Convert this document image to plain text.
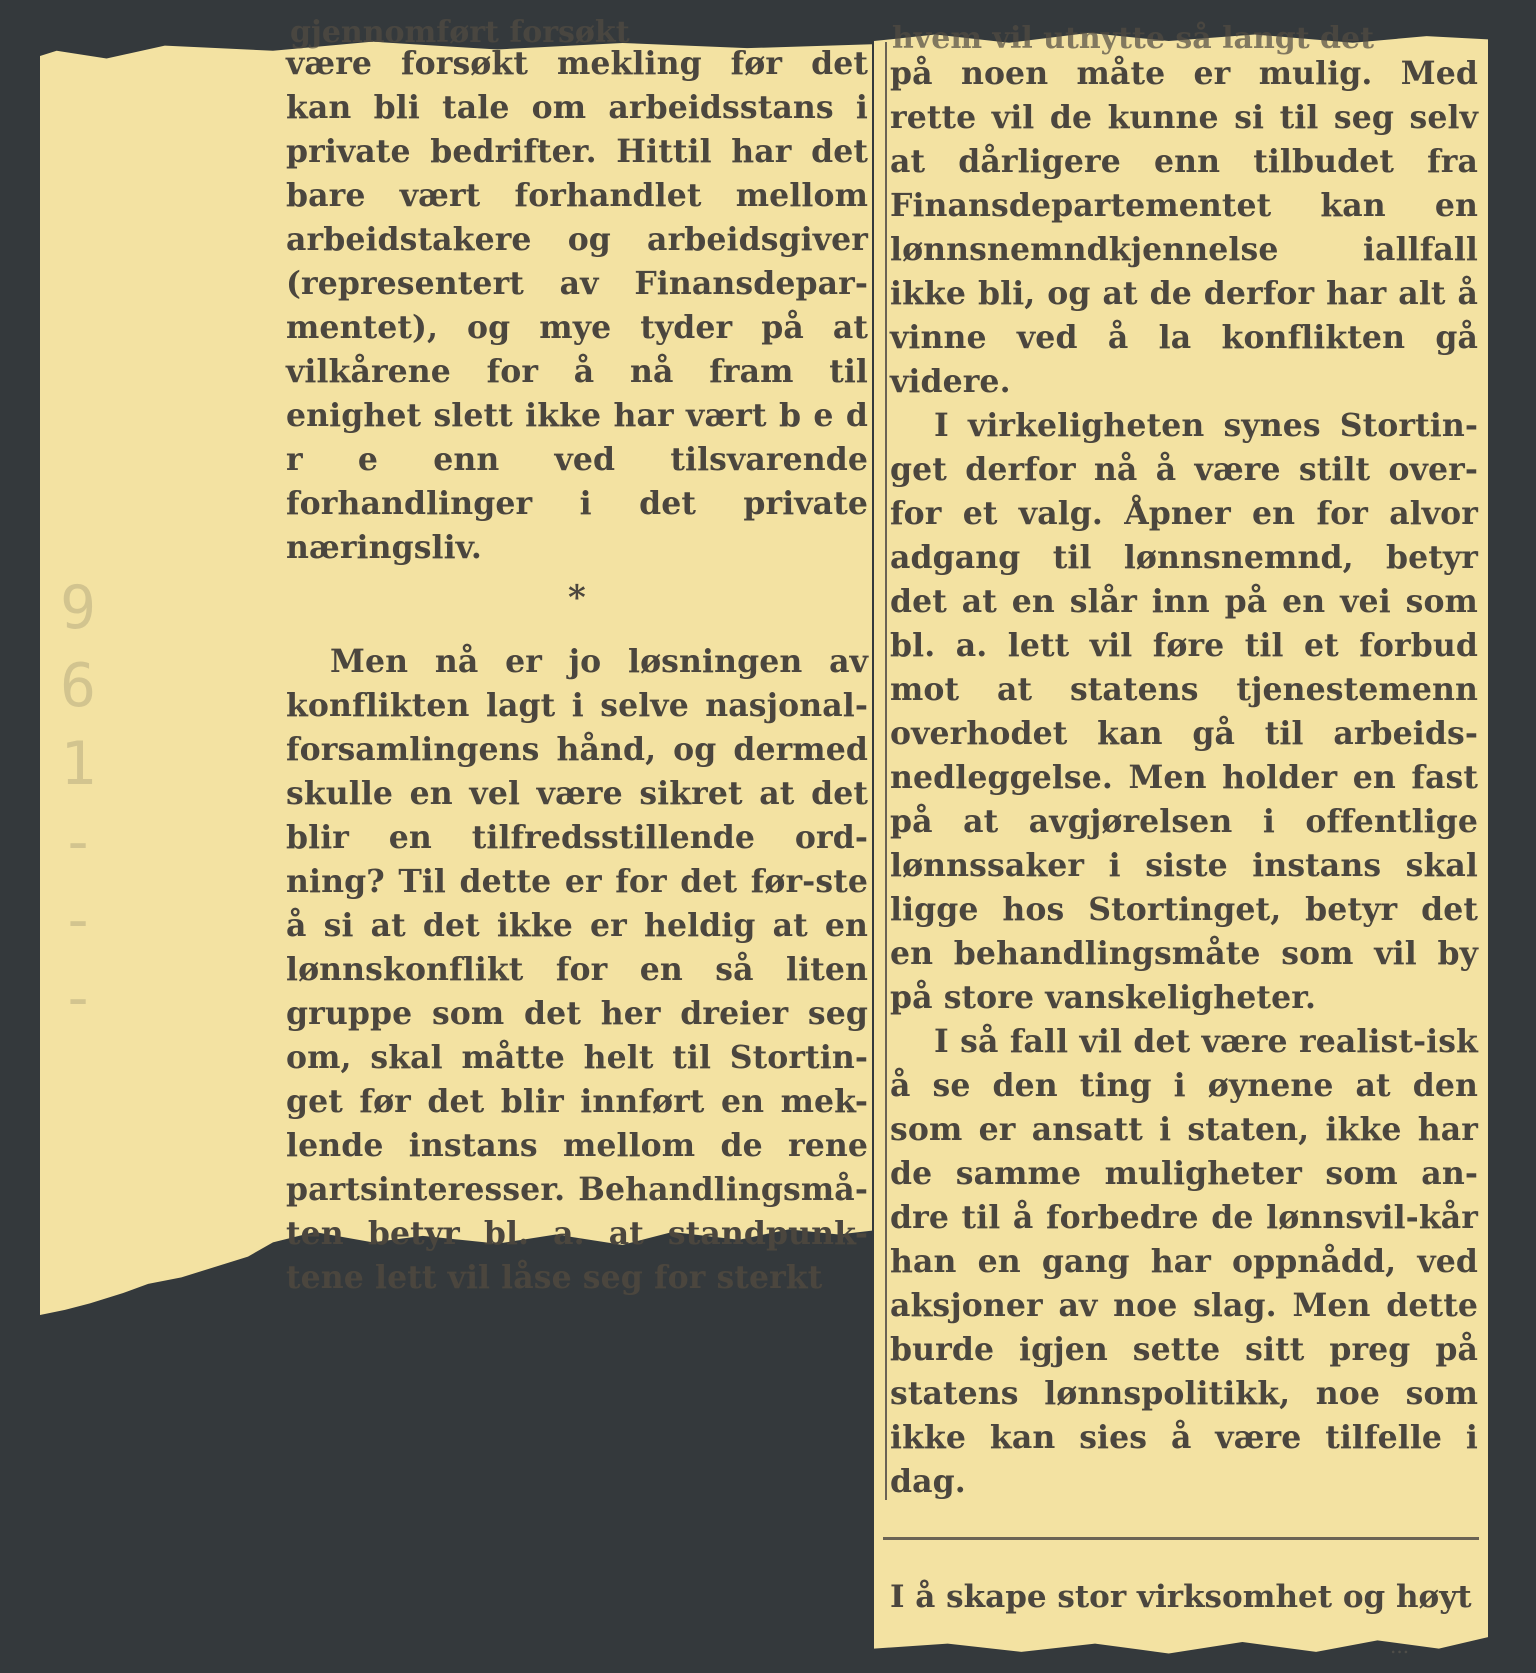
9
6
1
-
-
-
gjennomført forsøkt	hvem vil utnytte så langt det

være forsøkt mekling før det kan bli tale om arbeidsstans i private bedrifter. Hittil har det bare vært forhandlet mellom arbeidstakere og arbeidsgiver (representert av Finansdepar-mentet), og mye tyder på at vilkårene for å nå fram til enighet slett ikke har vært b e d r e enn ved tilsvarende forhandlinger i det private næringsliv.

*

Men nå er jo løsningen av konflikten lagt i selve nasjonal-forsamlingens hånd, og dermed skulle en vel være sikret at det blir en tilfredsstillende ord-ning? Til dette er for det før-ste å si at det ikke er heldig at en lønnskonflikt for en så liten gruppe som det her dreier seg om, skal måtte helt til Stortin-get før det blir innført en mek-lende instans mellom de rene partsinteresser. Behandlingsmå-ten betyr bl. a. at standpunk-tene lett vil låse seg for sterkt

på noen måte er mulig. Med rette vil de kunne si til seg selv at dårligere enn tilbudet fra Finansdepartementet kan en lønnsnemndkjennelse iallfall ikke bli, og at de derfor har alt å vinne ved å la konflikten gå videre.

I virkeligheten synes Stortin-get derfor nå å være stilt over-for et valg. Åpner en for alvor adgang til lønnsnemnd, betyr det at en slår inn på en vei som bl. a. lett vil føre til et forbud mot at statens tjenestemenn overhodet kan gå til arbeids-nedleggelse. Men holder en fast på at avgjørelsen i offentlige lønnssaker i siste instans skal ligge hos Stortinget, betyr det en behandlingsmåte som vil by på store vanskeligheter.

I så fall vil det være realist-isk å se den ting i øynene at den som er ansatt i staten, ikke har de samme muligheter som an-dre til å forbedre de lønnsvil-kår han en gang har oppnådd, ved aksjoner av noe slag. Men dette burde igjen sette sitt preg på statens lønnspolitikk, noe som ikke kan sies å være tilfelle i dag.

I å skape stor virksomhet og høyt
...
